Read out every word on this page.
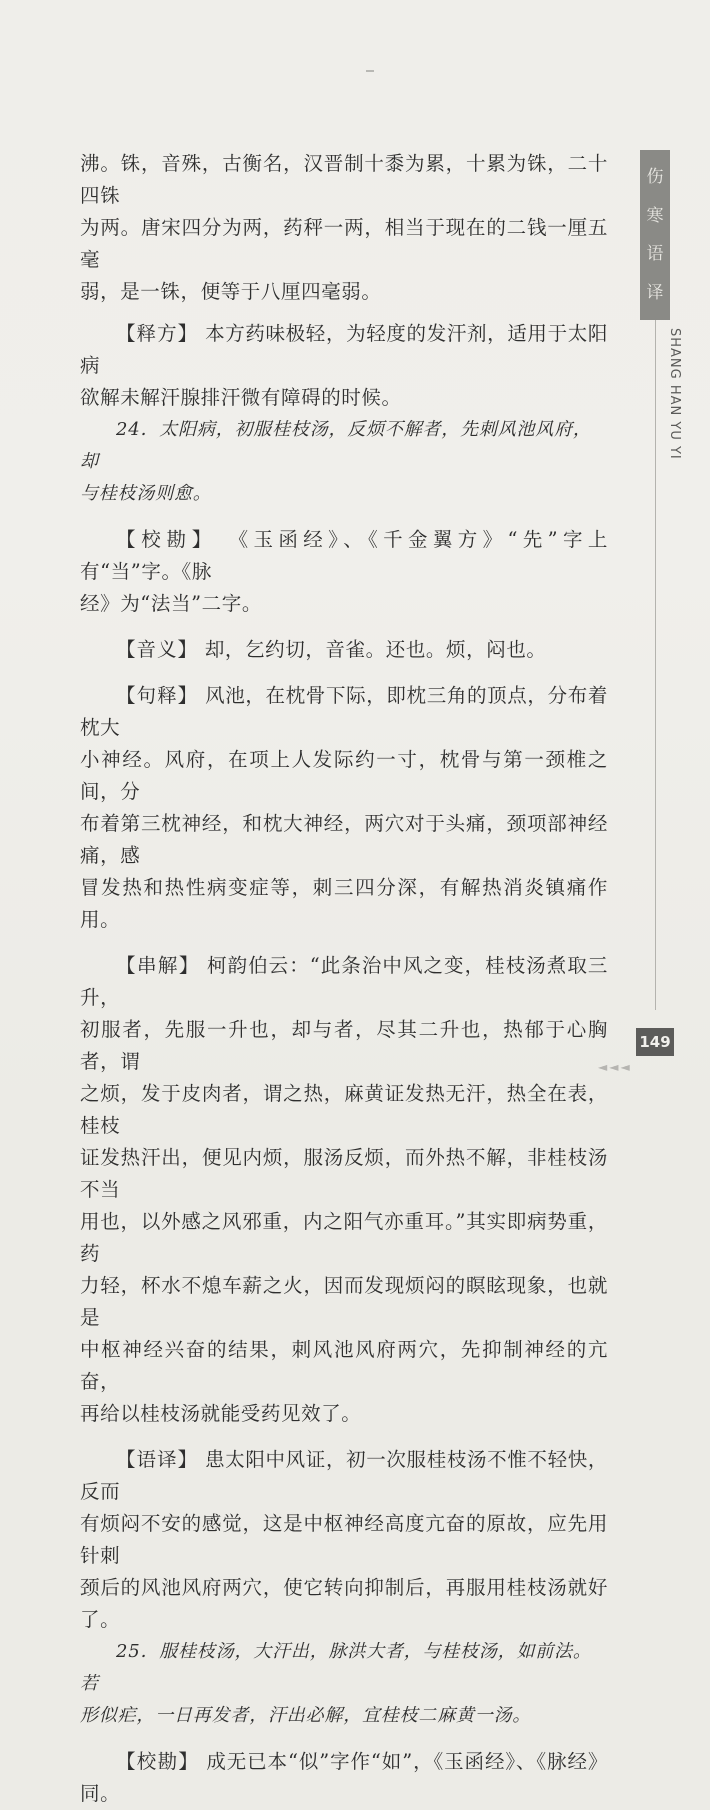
沸。铢，音殊，古衡名，汉晋制十黍为累，十累为铢，二十四铢
为两。唐宋四分为两，药秤一两，相当于现在的二钱一厘五毫
弱，是一铢，便等于八厘四毫弱。

【释方】 本方药味极轻，为轻度的发汗剂，适用于太阳病
欲解未解汗腺排汗微有障碍的时候。

24．太阳病，初服桂枝汤，反烦不解者，先刺风池风府，却
与桂枝汤则愈。

【校勘】 《玉函经》、《千金翼方》“先”字上有“当”字。《脉
经》为“法当”二字。

【音义】 却，乞约切，音雀。还也。烦，闷也。

【句释】 风池，在枕骨下际，即枕三角的顶点，分布着枕大
小神经。风府，在项上人发际约一寸，枕骨与第一颈椎之间，分
布着第三枕神经，和枕大神经，两穴对于头痛，颈项部神经痛，感
冒发热和热性病变症等，刺三四分深，有解热消炎镇痛作用。

【串解】 柯韵伯云：“此条治中风之变，桂枝汤煮取三升，
初服者，先服一升也，却与者，尽其二升也，热郁于心胸者，谓
之烦，发于皮肉者，谓之热，麻黄证发热无汗，热全在表，桂枝
证发热汗出，便见内烦，服汤反烦，而外热不解，非桂枝汤不当
用也，以外感之风邪重，内之阳气亦重耳。”其实即病势重，药
力轻，杯水不熄车薪之火，因而发现烦闷的瞑眩现象，也就是
中枢神经兴奋的结果，刺风池风府两穴，先抑制神经的亢奋，
再给以桂枝汤就能受药见效了。

【语译】 患太阳中风证，初一次服桂枝汤不惟不轻快，反而
有烦闷不安的感觉，这是中枢神经高度亢奋的原故，应先用针刺
颈后的风池风府两穴，使它转向抑制后，再服用桂枝汤就好了。

25．服桂枝汤，大汗出，脉洪大者，与桂枝汤，如前法。若
形似疟，一日再发者，汗出必解，宜桂枝二麻黄一汤。

【校勘】 成无已本“似”字作“如”，《玉函经》、《脉经》同。

伤
寒
语
译
SHANG HAN YU YI
149
◄◄◄
